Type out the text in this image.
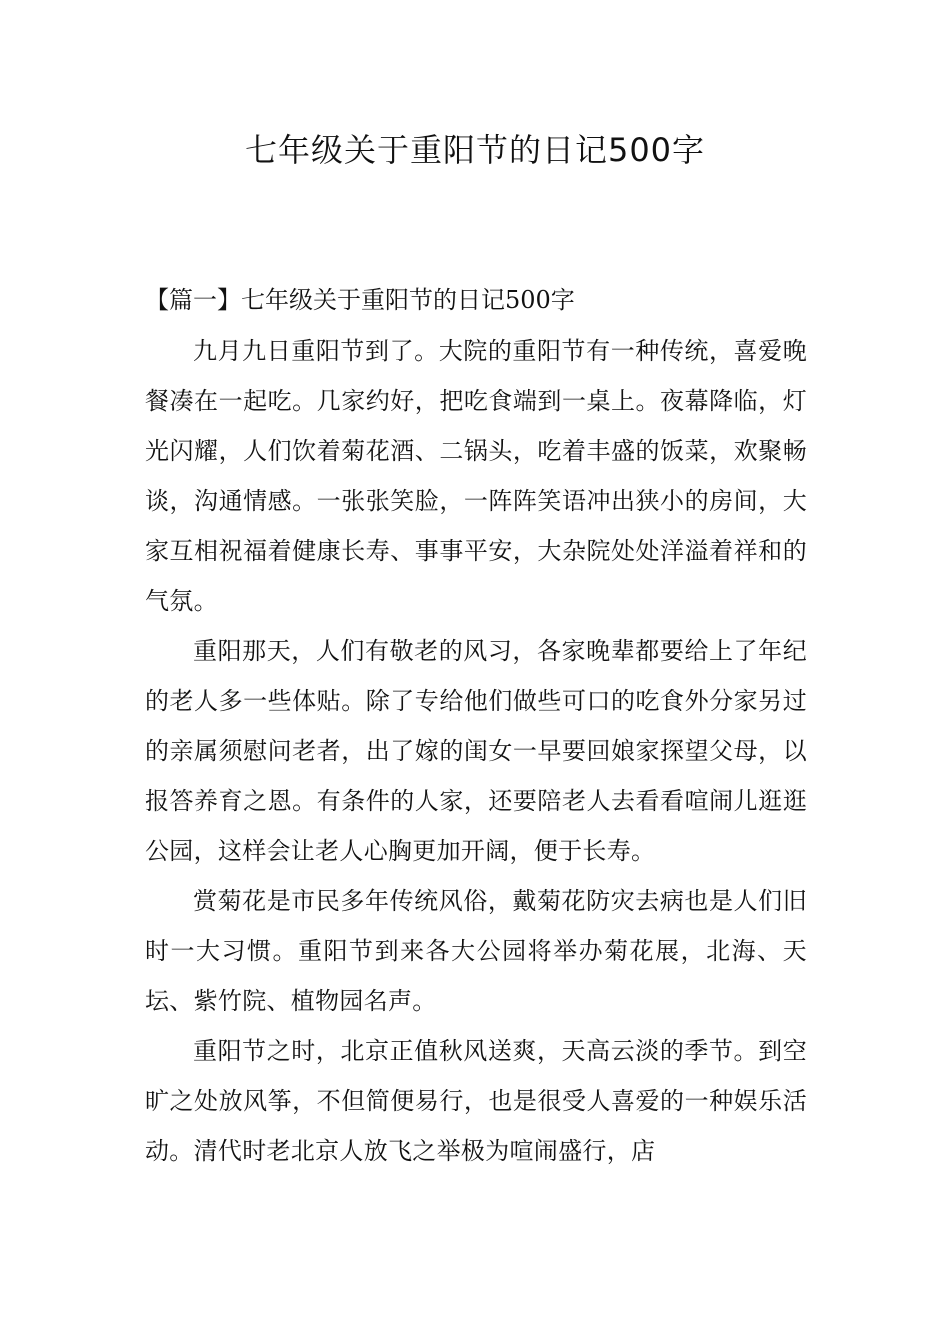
七年级关于重阳节的日记500字
【篇一】七年级关于重阳节的日记500字

九月九日重阳节到了。大院的重阳节有一种传统，喜爱晚餐凑在一起吃。几家约好，把吃食端到一桌上。夜幕降临，灯光闪耀，人们饮着菊花酒、二锅头，吃着丰盛的饭菜，欢聚畅谈，沟通情感。一张张笑脸，一阵阵笑语冲出狭小的房间，大家互相祝福着健康长寿、事事平安，大杂院处处洋溢着祥和的气氛。

重阳那天，人们有敬老的风习，各家晚辈都要给上了年纪的老人多一些体贴。除了专给他们做些可口的吃食外分家另过的亲属须慰问老者，出了嫁的闺女一早要回娘家探望父母，以报答养育之恩。有条件的人家，还要陪老人去看看喧闹儿逛逛公园，这样会让老人心胸更加开阔，便于长寿。

赏菊花是市民多年传统风俗，戴菊花防灾去病也是人们旧时一大习惯。重阳节到来各大公园将举办菊花展，北海、天坛、紫竹院、植物园名声。

重阳节之时，北京正值秋风送爽，天高云淡的季节。到空旷之处放风筝，不但简便易行，也是很受人喜爱的一种娱乐活动。清代时老北京人放飞之举极为喧闹盛行，店
